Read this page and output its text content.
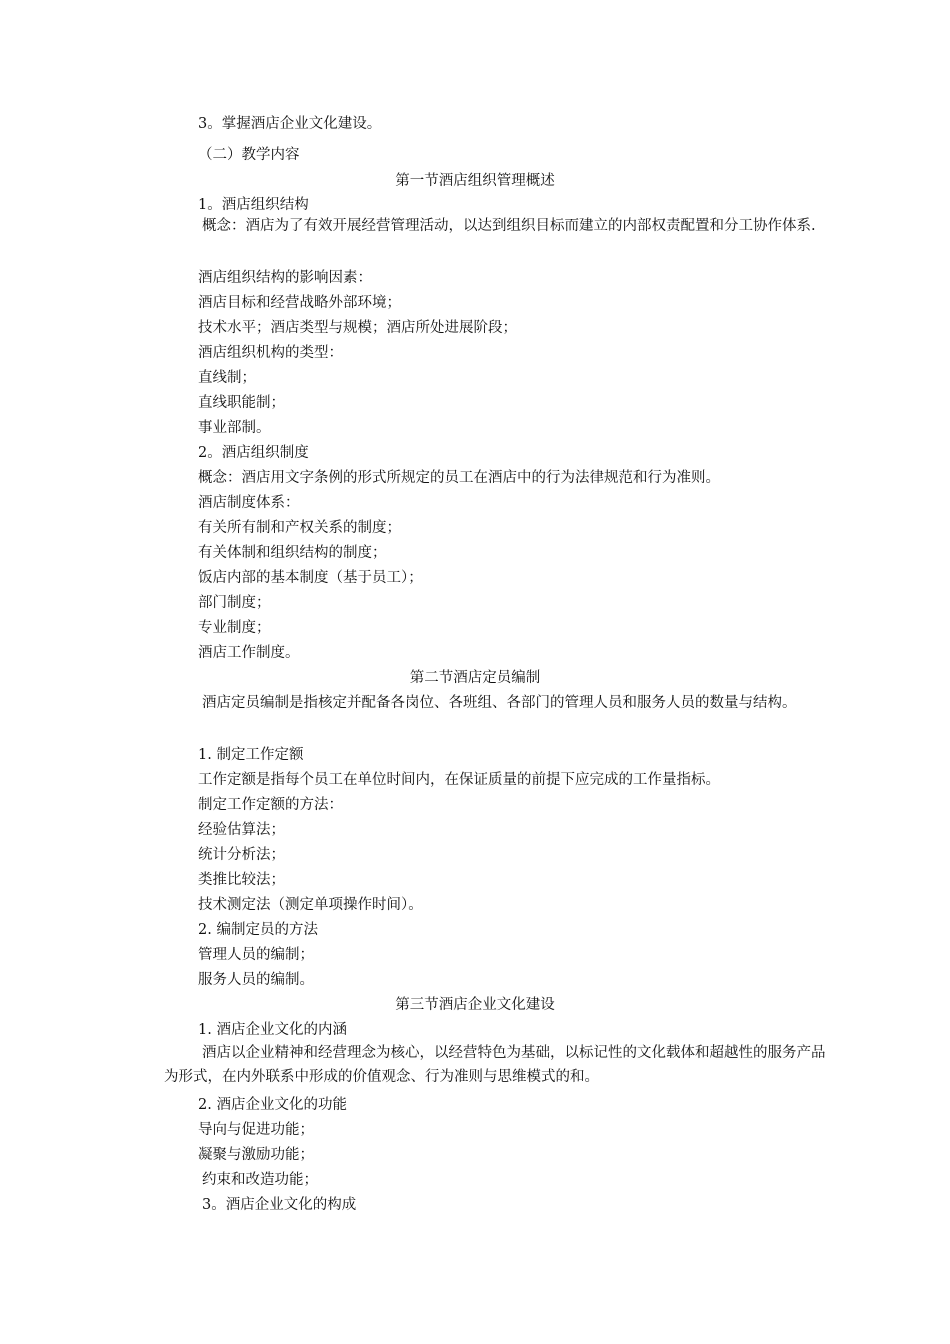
3。掌握酒店企业文化建设。
（二）教学内容
第一节酒店组织管理概述
1。酒店组织结构
概念：酒店为了有效开展经营管理活动，以达到组织目标而建立的内部权责配置和分工协作体系.
酒店组织结构的影响因素：
酒店目标和经营战略外部环境；
技术水平；酒店类型与规模；酒店所处进展阶段；
酒店组织机构的类型：
直线制；
直线职能制；
事业部制。
2。酒店组织制度
概念：酒店用文字条例的形式所规定的员工在酒店中的行为法律规范和行为准则。
酒店制度体系：
有关所有制和产权关系的制度；
有关体制和组织结构的制度；
饭店内部的基本制度（基于员工）；
部门制度；
专业制度；
酒店工作制度。
第二节酒店定员编制
酒店定员编制是指核定并配备各岗位、各班组、各部门的管理人员和服务人员的数量与结构。
1. 制定工作定额
工作定额是指每个员工在单位时间内，在保证质量的前提下应完成的工作量指标。
制定工作定额的方法：
经验估算法；
统计分析法；
类推比较法；
技术测定法（测定单项操作时间）。
2. 编制定员的方法
管理人员的编制；
服务人员的编制。
第三节酒店企业文化建设
1. 酒店企业文化的内涵
酒店以企业精神和经营理念为核心，以经营特色为基础，以标记性的文化载体和超越性的服务产品为形式，在内外联系中形成的价值观念、行为准则与思维模式的和。
2. 酒店企业文化的功能
导向与促进功能；
凝聚与激励功能；
约束和改造功能；
3。酒店企业文化的构成
